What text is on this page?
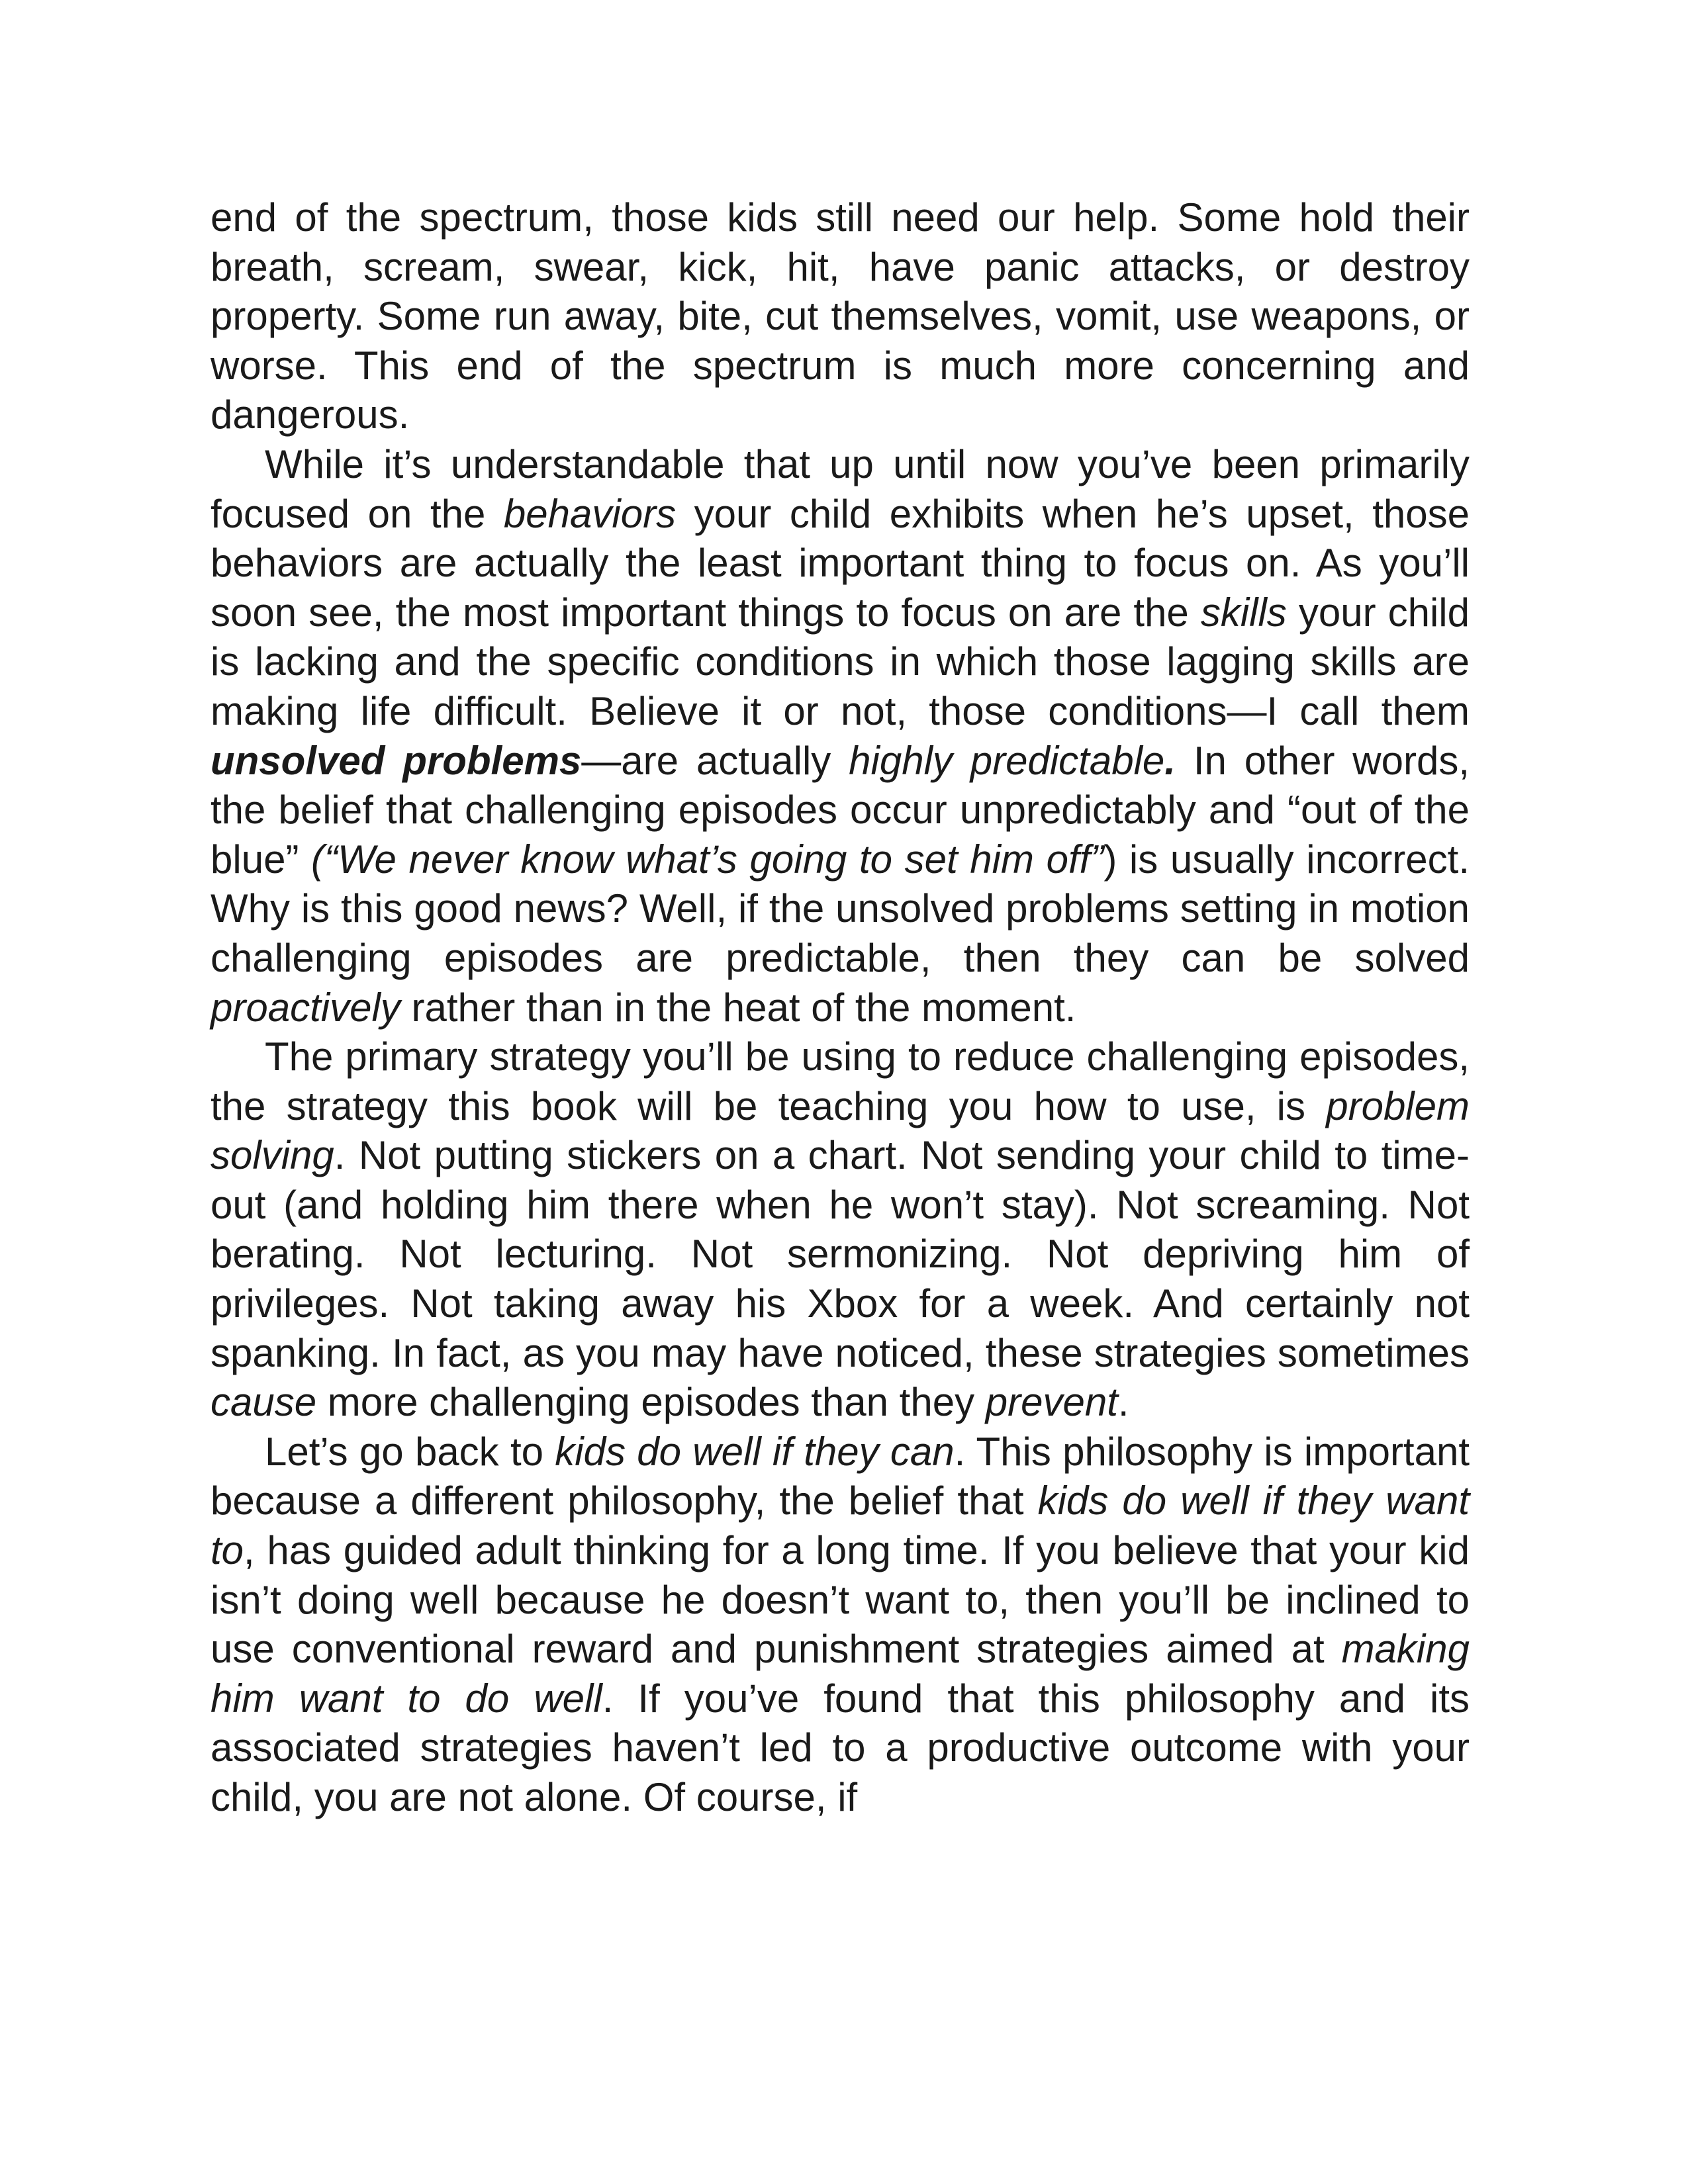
end of the spectrum, those kids still need our help. Some hold their breath, scream, swear, kick, hit, have panic attacks, or destroy property. Some run away, bite, cut themselves, vomit, use weapons, or worse. This end of the spectrum is much more concerning and dangerous.

While it’s understandable that up until now you’ve been primarily focused on the behaviors your child exhibits when he’s upset, those behaviors are actually the least important thing to focus on. As you’ll soon see, the most important things to focus on are the skills your child is lacking and the specific conditions in which those lagging skills are making life difficult. Believe it or not, those conditions—I call them unsolved problems—are actually highly predictable. In other words, the belief that challenging episodes occur unpredictably and “out of the blue” (“We never know what’s going to set him off”) is usually incorrect. Why is this good news? Well, if the unsolved problems setting in motion challenging episodes are predictable, then they can be solved proactively rather than in the heat of the moment.

The primary strategy you’ll be using to reduce challenging episodes, the strategy this book will be teaching you how to use, is problem solving. Not putting stickers on a chart. Not sending your child to time-out (and holding him there when he won’t stay). Not screaming. Not berating. Not lecturing. Not sermonizing. Not depriving him of privileges. Not taking away his Xbox for a week. And certainly not spanking. In fact, as you may have noticed, these strategies sometimes cause more challenging episodes than they prevent.

Let’s go back to kids do well if they can. This philosophy is important because a different philosophy, the belief that kids do well if they want to, has guided adult thinking for a long time. If you believe that your kid isn’t doing well because he doesn’t want to, then you’ll be inclined to use conventional reward and punishment strategies aimed at making him want to do well. If you’ve found that this philosophy and its associated strategies haven’t led to a productive outcome with your child, you are not alone. Of course, if
